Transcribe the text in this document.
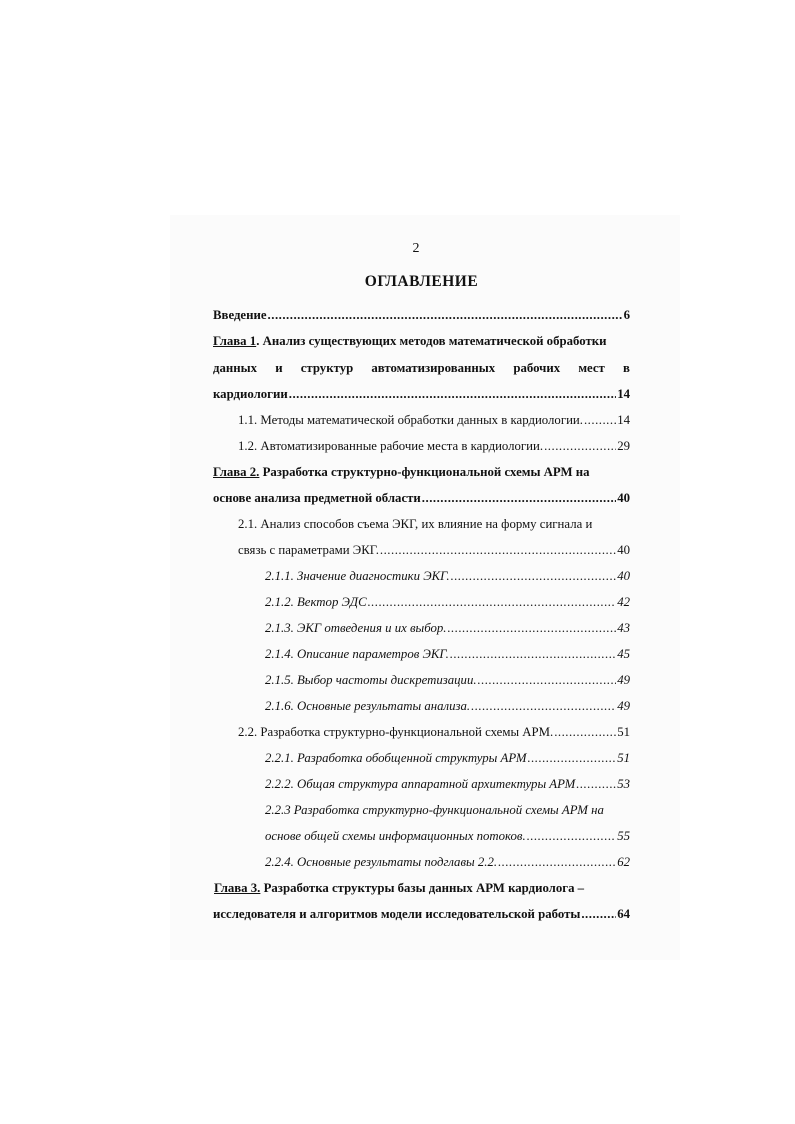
2
ОГЛАВЛЕНИЕ
Введение .....	6
Глава 1. Анализ существующих методов математической обработки
данных и структур автоматизированных рабочих мест в
кардиологии .....	14
1.1. Методы математической обработки данных в кардиологии. .....	14
1.2. Автоматизированные рабочие места в кардиологии. .....	29
Глава 2. Разработка структурно-функциональной схемы АРМ на
основе анализа предметной области .....	40
2.1. Анализ способов съема ЭКГ, их влияние на форму сигнала и
связь с параметрами ЭКГ. .....	40
2.1.1. Значение диагностики ЭКГ. .....	40
2.1.2. Вектор ЭДС .....	42
2.1.3. ЭКГ отведения и их выбор. .....	43
2.1.4. Описание параметров ЭКГ. .....	45
2.1.5. Выбор частоты дискретизации. .....	49
2.1.6. Основные результаты анализа. .....	49
2.2. Разработка структурно-функциональной схемы АРМ. .....	51
2.2.1. Разработка обобщенной структуры АРМ .....	51
2.2.2. Общая структура аппаратной архитектуры АРМ .....	53
2.2.3 Разработка структурно-функциональной схемы АРМ на
основе общей схемы информационных потоков. .....	55
2.2.4. Основные результаты подглавы 2.2. .....	62
Глава 3. Разработка структуры базы данных АРМ кардиолога –
исследователя и алгоритмов модели исследовательской работы .....	64
